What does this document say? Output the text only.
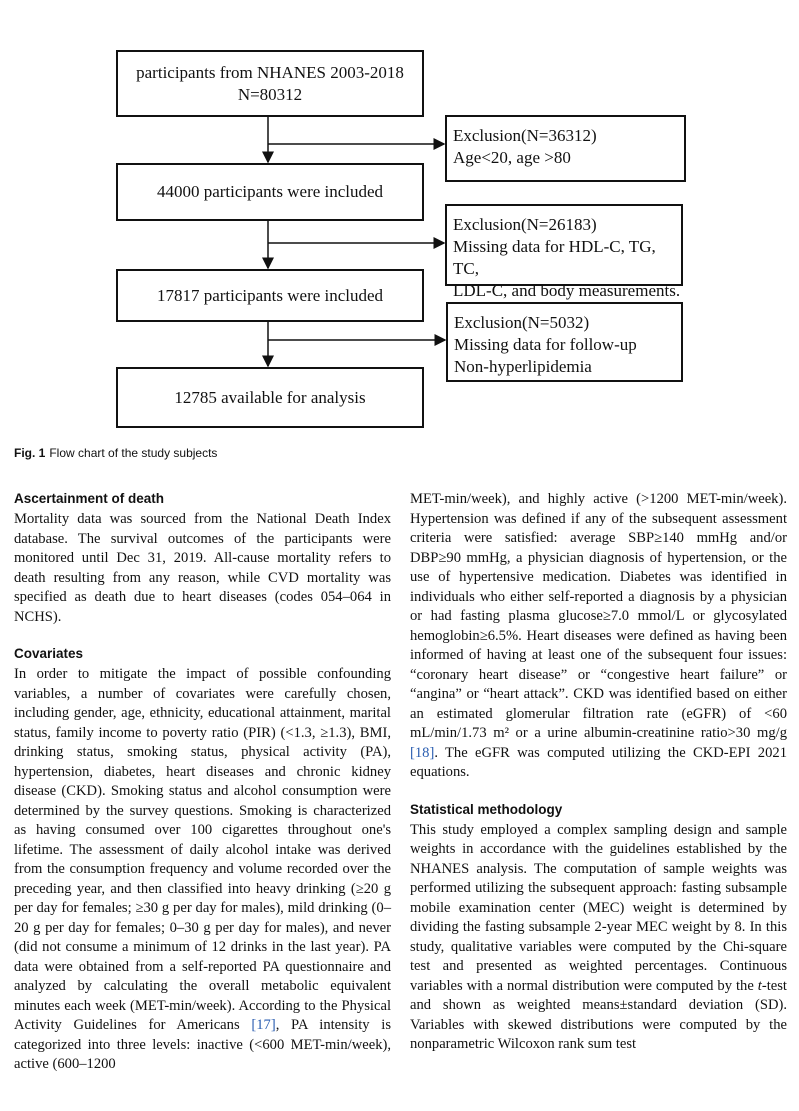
participants from NHANES 2003-2018
N=80312
Exclusion(N=36312)
Age<20, age >80
44000 participants were included
Exclusion(N=26183)
Missing data for HDL-C, TG, TC,
LDL-C, and body measurements.
17817 participants were included
Exclusion(N=5032)
Missing data for follow-up
Non-hyperlipidemia
12785 available for analysis
Fig. 1 Flow chart of the study subjects
Ascertainment of death

Mortality data was sourced from the National Death Index database. The survival outcomes of the participants were monitored until Dec 31, 2019. All-cause mortality refers to death resulting from any reason, while CVD mortality was specified as death due to heart diseases (codes 054–064 in NCHS).

Covariates

In order to mitigate the impact of possible confounding variables, a number of covariates were carefully chosen, including gender, age, ethnicity, educational attainment, marital status, family income to poverty ratio (PIR) (<1.3, ≥1.3), BMI, drinking status, smoking status, physical activity (PA), hypertension, diabetes, heart diseases and chronic kidney disease (CKD). Smoking status and alcohol consumption were determined by the survey questions. Smoking is characterized as having consumed over 100 cigarettes throughout one's lifetime. The assessment of daily alcohol intake was derived from the consumption frequency and volume recorded over the preceding year, and then classified into heavy drinking (≥20 g per day for females; ≥30 g per day for males), mild drinking (0–20 g per day for females; 0–30 g per day for males), and never (did not consume a minimum of 12 drinks in the last year). PA data were obtained from a self-reported PA questionnaire and analyzed by calculating the overall metabolic equivalent minutes each week (MET-min/week). According to the Physical Activity Guidelines for Americans [17], PA intensity is categorized into three levels: inactive (<600 MET-min/week), active (600–1200

MET-min/week), and highly active (>1200 MET-min/week). Hypertension was defined if any of the subsequent assessment criteria were satisfied: average SBP≥140 mmHg and/or DBP≥90 mmHg, a physician diagnosis of hypertension, or the use of hypertensive medication. Diabetes was identified in individuals who either self-reported a diagnosis by a physician or had fasting plasma glucose≥7.0 mmol/L or glycosylated hemoglobin≥6.5%. Heart diseases were defined as having been informed of having at least one of the subsequent four issues: “coronary heart disease” or “congestive heart failure” or “angina” or “heart attack”. CKD was identified based on either an estimated glomerular filtration rate (eGFR) of <60 mL/min/1.73 m² or a urine albumin-creatinine ratio>30 mg/g [18]. The eGFR was computed utilizing the CKD-EPI 2021 equations.

Statistical methodology

This study employed a complex sampling design and sample weights in accordance with the guidelines established by the NHANES analysis. The computation of sample weights was performed utilizing the subsequent approach: fasting subsample mobile examination center (MEC) weight is determined by dividing the fasting subsample 2-year MEC weight by 8. In this study, qualitative variables were computed by the Chi-square test and presented as weighted percentages. Continuous variables with a normal distribution were computed by the t-test and shown as weighted means±standard deviation (SD). Variables with skewed distributions were computed by the nonparametric Wilcoxon rank sum test
